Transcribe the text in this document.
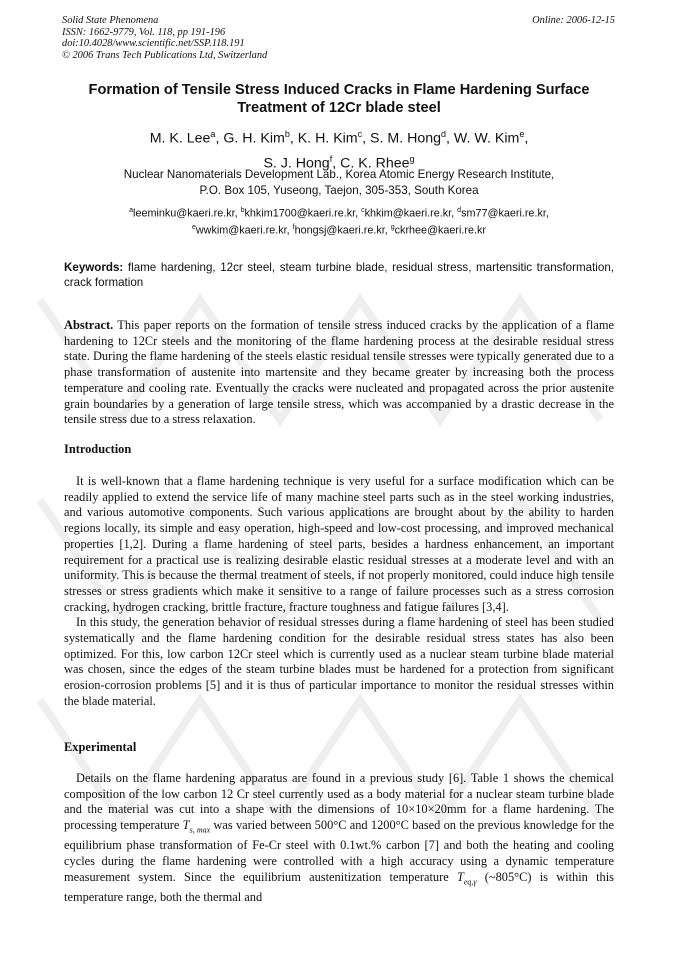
Solid State Phenomena
ISSN: 1662-9779, Vol. 118, pp 191-196
doi:10.4028/www.scientific.net/SSP.118.191
© 2006 Trans Tech Publications Ltd, Switzerland
Online: 2006-12-15
Formation of Tensile Stress Induced Cracks in Flame Hardening Surface
Treatment of 12Cr blade steel
M. K. Lee$^a$, G. H. Kim$^b$, K. H. Kim$^c$, S. M. Hong$^d$, W. W. Kim$^e$,
S. J. Hong$^f$, C. K. Rhee$^g$
Nuclear Nanomaterials Development Lab., Korea Atomic Energy Research Institute,
P.O. Box 105, Yuseong, Taejon, 305-353, South Korea
$^a$leeminku@kaeri.re.kr, $^b$khkim1700@kaeri.re.kr, $^c$khkim@kaeri.re.kr, $^d$sm77@kaeri.re.kr,
$^e$wwkim@kaeri.re.kr, $^f$hongsj@kaeri.re.kr, $^g$ckrhee@kaeri.re.kr
Keywords: flame hardening, 12cr steel, steam turbine blade, residual stress, martensitic transformation, crack formation
Abstract. This paper reports on the formation of tensile stress induced cracks by the application of a flame hardening to 12Cr steels and the monitoring of the flame hardening process at the desirable residual stress state. During the flame hardening of the steels elastic residual tensile stresses were typically generated due to a phase transformation of austenite into martensite and they became greater by increasing both the process temperature and cooling rate. Eventually the cracks were nucleated and propagated across the prior austenite grain boundaries by a generation of large tensile stress, which was accompanied by a drastic decrease in the tensile stress due to a stress relaxation.
Introduction

It is well-known that a flame hardening technique is very useful for a surface modification which can be readily applied to extend the service life of many machine steel parts such as in the steel working industries, and various automotive components. Such various applications are brought about by the ability to harden regions locally, its simple and easy operation, high-speed and low-cost processing, and improved mechanical properties [1,2]. During a flame hardening of steel parts, besides a hardness enhancement, an important requirement for a practical use is realizing desirable elastic residual stresses at a moderate level and with an uniformity. This is because the thermal treatment of steels, if not properly monitored, could induce high tensile stresses or stress gradients which make it sensitive to a range of failure processes such as a stress corrosion cracking, hydrogen cracking, brittle fracture, fracture toughness and fatigue failures [3,4].

In this study, the generation behavior of residual stresses during a flame hardening of steel has been studied systematically and the flame hardening condition for the desirable residual stress states has also been optimized. For this, low carbon 12Cr steel which is currently used as a nuclear steam turbine blade material was chosen, since the edges of the steam turbine blades must be hardened for a protection from significant erosion-corrosion problems [5] and it is thus of particular importance to monitor the residual stresses within the blade material.

Experimental

Details on the flame hardening apparatus are found in a previous study [6]. Table 1 shows the chemical composition of the low carbon 12 Cr steel currently used as a body material for a nuclear steam turbine blade and the material was cut into a shape with the dimensions of 10×10×20mm for a flame hardening. The processing temperature $T_{s, max}$ was varied between 500°C and 1200°C based on the previous knowledge for the equilibrium phase transformation of Fe-Cr steel with 0.1wt.% carbon [7] and both the heating and cooling cycles during the flame hardening were controlled with a high accuracy using a dynamic temperature measurement system. Since the equilibrium austenitization temperature $T_{eq,\gamma}$ (~805°C) is within this temperature range, both the thermal and
